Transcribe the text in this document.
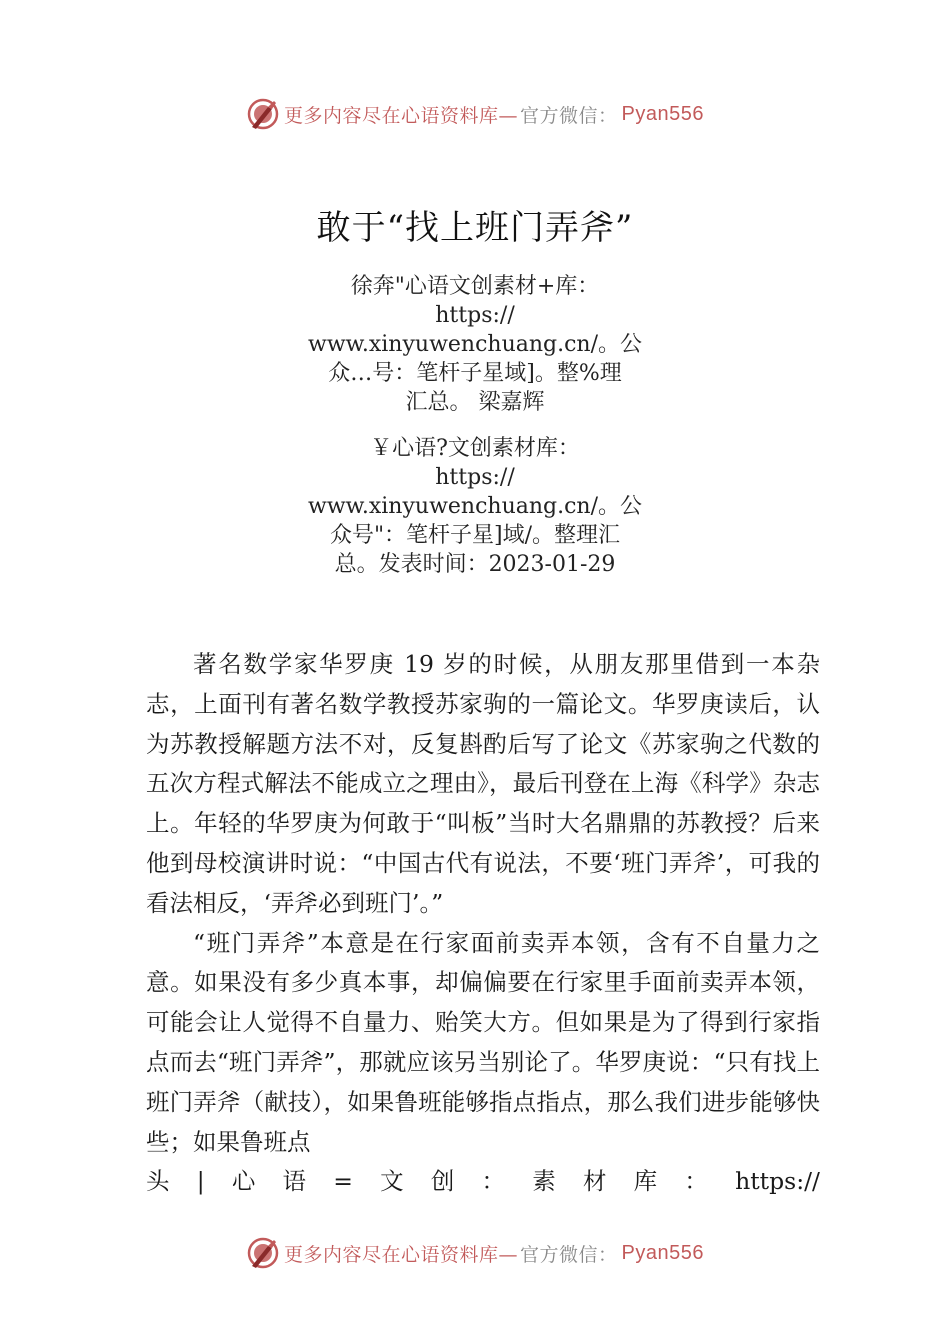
更多内容尽在心语资料库— 官方微信： Pyan556
敢于“找上班门弄斧”
徐奔"心语文创素材+库：
https://
www.xinyuwenchuang.cn/。公
众…号：笔杆子星域]。整%理
汇总。 梁嘉辉
￥心语?文创素材库：
https://
www.xinyuwenchuang.cn/。公
众号"：笔杆子星]域/。整理汇
总。发表时间：2023-01-29

著名数学家华罗庚 19 岁的时候，从朋友那里借到一本杂志，上面刊有著名数学教授苏家驹的一篇论文。华罗庚读后，认为苏教授解题方法不对，反复斟酌后写了论文《苏家驹之代数的五次方程式解法不能成立之理由》，最后刊登在上海《科学》杂志上。年轻的华罗庚为何敢于“叫板”当时大名鼎鼎的苏教授？后来他到母校演讲时说：“中国古代有说法，不要‘班门弄斧’，可我的看法相反，‘弄斧必到班门’。”

“班门弄斧”本意是在行家面前卖弄本领，含有不自量力之意。如果没有多少真本事，却偏偏要在行家里手面前卖弄本领，可能会让人觉得不自量力、贻笑大方。但如果是为了得到行家指点而去“班门弄斧”，那就应该另当别论了。华罗庚说：“只有找上班门弄斧（献技），如果鲁班能够指点指点，那么我们进步能够快些；如果鲁班点

头 | 心 语 = 文 创 ： 素 材 库 ： https://
更多内容尽在心语资料库— 官方微信： Pyan556
